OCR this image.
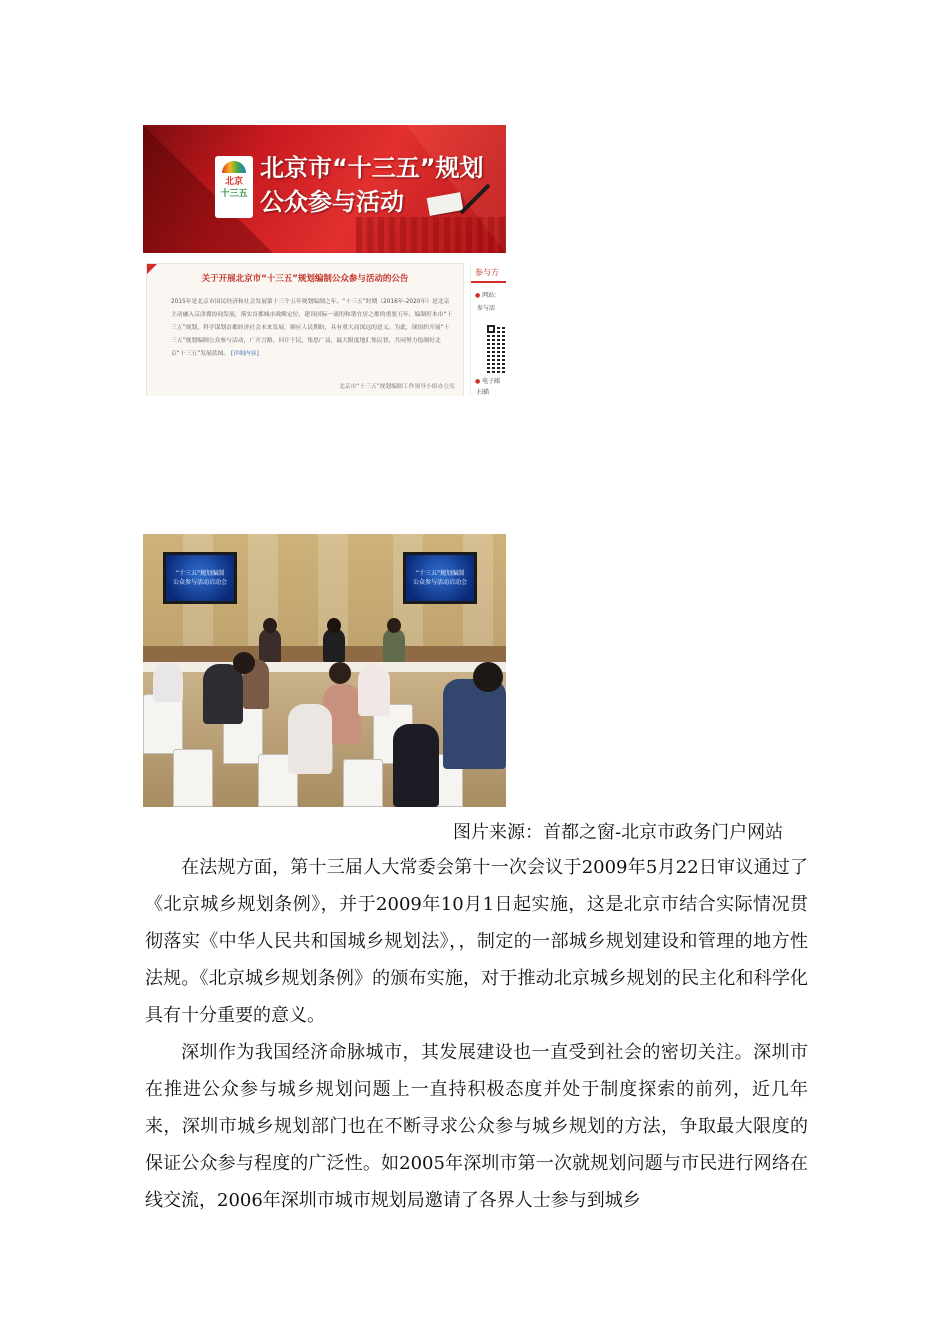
北京
十三五
北京市“十三五”规划
公众参与活动
关于开展北京市“十三五”规划编制公众参与活动的公告
2015年是北京市国民经济和社会发展第十三个五年规划编制之年。“十三五”时期（2016年-2020年）是北京主动融入京津冀协同发展，落实首都城市战略定位，建设国际一流的和谐宜居之都的重要五年。编制好本市“十三五”规划，科学谋划首都经济社会未来发展，顺应人民期盼，具有重大而深远的意义。为此，现组织开展“十三五”规划编制公众参与活动，广开言路，问计于民，集思广益，最大限度地汇集民智，共同努力绘制好北京“十三五”发展蓝图。 [详细内容]
北京市“十三五”规划编制工作领导小组办公室
参与方
● 网站：
参与活
● 电子邮
扫描
“十三五”规划编制
公众参与活动启动会
“十三五”规划编制
公众参与活动启动会
图片来源：首都之窗-北京市政务门户网站

在法规方面，第十三届人大常委会第十一次会议于2009年5月22日审议通过了《北京城乡规划条例》，并于2009年10月1日起实施，这是北京市结合实际情况贯彻落实《中华人民共和国城乡规划法》，，制定的一部城乡规划建设和管理的地方性法规。《北京城乡规划条例》的颁布实施，对于推动北京城乡规划的民主化和科学化具有十分重要的意义。

深圳作为我国经济命脉城市，其发展建设也一直受到社会的密切关注。深圳市在推进公众参与城乡规划问题上一直持积极态度并处于制度探索的前列，近几年来，深圳市城乡规划部门也在不断寻求公众参与城乡规划的方法，争取最大限度的保证公众参与程度的广泛性。如2005年深圳市第一次就规划问题与市民进行网络在线交流，2006年深圳市城市规划局邀请了各界人士参与到城乡
